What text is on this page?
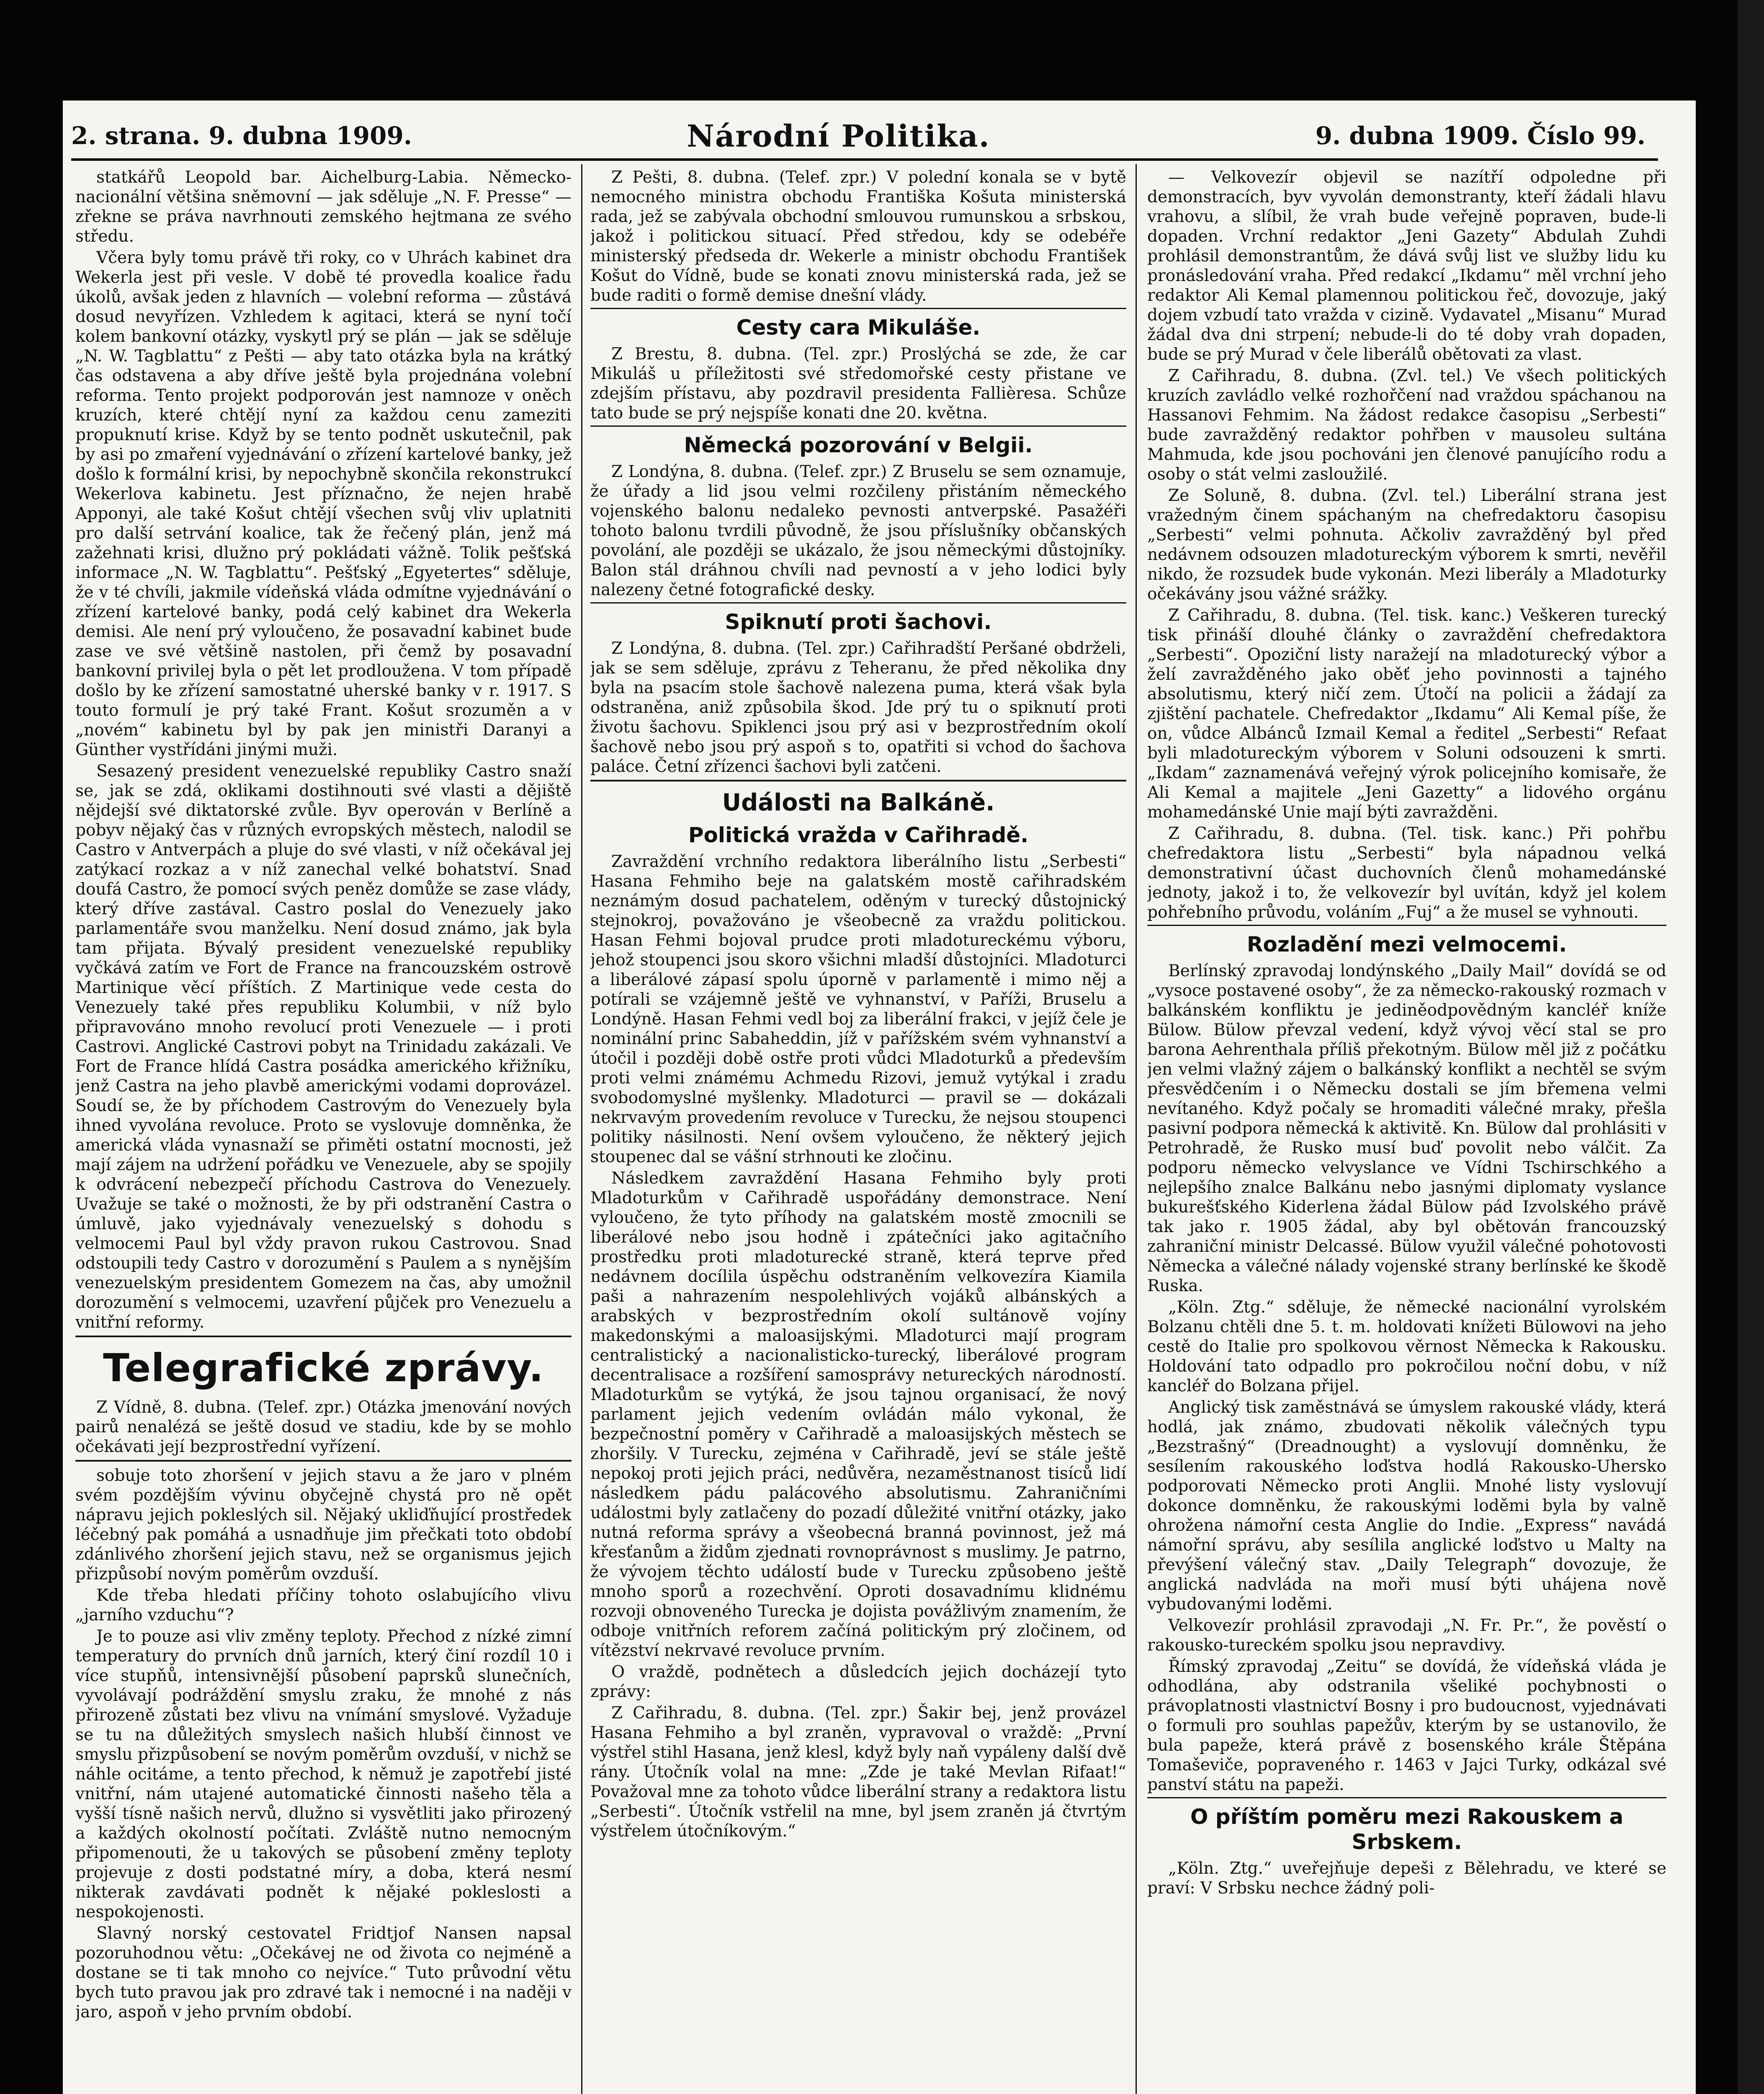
2. strana. 9. dubna 1909.	Národní Politika.	9. dubna 1909. Číslo 99.

statkářů Leopold bar. Aichelburg-Labia. Německo-nacionální většina sněmovní — jak sděluje „N. F. Presse“ — zřekne se práva navrhnouti zemského hejtmana ze svého středu.

Včera byly tomu právě tři roky, co v Uhrách kabinet dra Wekerla jest při vesle. V době té provedla koalice řadu úkolů, avšak jeden z hlavních — volební reforma — zůstává dosud nevyřízen. Vzhledem k agitaci, která se nyní točí kolem bankovní otázky, vyskytl prý se plán — jak se sděluje „N. W. Tagblattu“ z Pešti — aby tato otázka byla na krátký čas odstavena a aby dříve ještě byla projednána volební reforma. Tento projekt podporován jest namnoze v oněch kruzích, které chtějí nyní za každou cenu zameziti propuknutí krise. Když by se tento podnět uskutečnil, pak by asi po zmaření vyjednávání o zřízení kartelové banky, jež došlo k formální krisi, by nepochybně skončila rekonstrukcí Wekerlova kabinetu. Jest příznačno, že nejen hrabě Apponyi, ale také Košut chtějí všechen svůj vliv uplatniti pro další setrvání koalice, tak že řečený plán, jenž má zažehnati krisi, dlužno prý pokládati vážně. Tolik pešťská informace „N. W. Tagblattu“. Pešťský „Egyetertes“ sděluje, že v té chvíli, jakmile vídeňská vláda odmítne vyjednávání o zřízení kartelové banky, podá celý kabinet dra Wekerla demisi. Ale není prý vyloučeno, že posavadní kabinet bude zase ve své většině nastolen, při čemž by posavadní bankovní privilej byla o pět let prodloužena. V tom případě došlo by ke zřízení samostatné uherské banky v r. 1917. S touto formulí je prý také Frant. Košut srozuměn a v „novém“ kabinetu byl by pak jen ministři Daranyi a Günther vystřídáni jinými muži.

Sesazený president venezuelské republiky Castro snaží se, jak se zdá, oklikami dostihnouti své vlasti a dějiště nějdejší své diktatorské zvůle. Byv operován v Berlíně a pobyv nějaký čas v různých evropských městech, nalodil se Castro v Antverpách a pluje do své vlasti, v níž očekával jej zatýkací rozkaz a v níž zanechal velké bohatství. Snad doufá Castro, že pomocí svých peněz domůže se zase vlády, který dříve zastával. Castro poslal do Venezuely jako parlamentáře svou manželku. Není dosud známo, jak byla tam přijata. Bývalý president venezuelské republiky vyčkává zatím ve Fort de France na francouzském ostrově Martinique věcí příštích. Z Martinique vede cesta do Venezuely také přes republiku Kolumbii, v níž bylo připravováno mnoho revolucí proti Venezuele — i proti Castrovi. Anglické Castrovi pobyt na Trinidadu zakázali. Ve Fort de France hlídá Castra posádka amerického křižníku, jenž Castra na jeho plavbě americkými vodami doprovázel. Soudí se, že by příchodem Castrovým do Venezuely byla ihned vyvolána revoluce. Proto se vyslovuje domněnka, že americká vláda vynasnaží se přiměti ostatní mocnosti, jež mají zájem na udržení pořádku ve Venezuele, aby se spojily k odvrácení nebezpečí příchodu Castrova do Venezuely. Uvažuje se také o možnosti, že by při odstranění Castra o úmluvě, jako vyjednávaly venezuelský s dohodu s velmocemi Paul byl vždy pravon rukou Castrovou. Snad odstoupili tedy Castro v dorozumění s Paulem a s nynějším venezuelským presidentem Gomezem na čas, aby umožnil dorozumění s velmocemi, uzavření půjček pro Venezuelu a vnitřní reformy.

Telegrafické zprávy.

Z Vídně, 8. dubna. (Telef. zpr.) Otázka jmenování nových pairů nenalézá se ještě dosud ve stadiu, kde by se mohlo očekávati její bezprostřední vyřízení.

sobuje toto zhoršení v jejich stavu a že jaro v plném svém pozdějším vývinu obyčejně chystá pro ně opět nápravu jejich pokleslých sil. Nějaký ukliďňující prostředek léčebný pak pomáhá a usnadňuje jim přečkati toto období zdánlivého zhoršení jejich stavu, než se organismus jejich přizpůsobí novým poměrům ovzduší.

Kde třeba hledati příčiny tohoto oslabujícího vlivu „jarního vzduchu“?

Je to pouze asi vliv změny teploty. Přechod z nízké zimní temperatury do prvních dnů jarních, který činí rozdíl 10 i více stupňů, intensivnější působení paprsků slunečních, vyvolávají podráždění smyslu zraku, že mnohé z nás přirozeně zůstati bez vlivu na vnímání smyslové. Vyžaduje se tu na důležitých smyslech našich hlubší činnost ve smyslu přizpůsobení se novým poměrům ovzduší, v nichž se náhle ocitáme, a tento přechod, k němuž je zapotřebí jisté vnitřní, nám utajené automatické činnosti našeho těla a vyšší tísně našich nervů, dlužno si vysvětliti jako přirozený a každých okolností počítati. Zvláště nutno nemocným připomenouti, že u takových se působení změny teploty projevuje z dosti podstatné míry, a doba, která nesmí nikterak zavdávati podnět k nějaké pokleslosti a nespokojenosti.

Slavný norský cestovatel Fridtjof Nansen napsal pozoruhodnou větu: „Očekávej ne od života co nejméně a dostane se ti tak mnoho co nejvíce.“ Tuto průvodní větu bych tuto pravou jak pro zdravé tak i nemocné i na naději v jaro, aspoň v jeho prvním období.

Z Pešti, 8. dubna. (Telef. zpr.) V polední konala se v bytě nemocného ministra obchodu Františka Košuta ministerská rada, jež se zabývala obchodní smlouvou rumunskou a srbskou, jakož i politickou situací. Před středou, kdy se odebéře ministerský předseda dr. Wekerle a ministr obchodu František Košut do Vídně, bude se konati znovu ministerská rada, jež se bude raditi o formě demise dnešní vlády.

Cesty cara Mikuláše.

Z Brestu, 8. dubna. (Tel. zpr.) Proslýchá se zde, že car Mikuláš u příležitosti své středomořské cesty přistane ve zdejším přístavu, aby pozdravil presidenta Fallièresa. Schůze tato bude se prý nejspíše konati dne 20. května.

Německá pozorování v Belgii.

Z Londýna, 8. dubna. (Telef. zpr.) Z Bruselu se sem oznamuje, že úřady a lid jsou velmi rozčileny přistáním německého vojenského balonu nedaleko pevnosti antverpské. Pasažéři tohoto balonu tvrdili původně, že jsou příslušníky občanských povolání, ale později se ukázalo, že jsou německými důstojníky. Balon stál dráhnou chvíli nad pevností a v jeho lodici byly nalezeny četné fotografické desky.

Spiknutí proti šachovi.

Z Londýna, 8. dubna. (Tel. zpr.) Cařihradští Peršané obdrželi, jak se sem sděluje, zprávu z Teheranu, že před několika dny byla na psacím stole šachově nalezena puma, která však byla odstraněna, aniž způsobila škod. Jde prý tu o spiknutí proti životu šachovu. Spiklenci jsou prý asi v bezprostředním okolí šachově nebo jsou prý aspoň s to, opatřiti si vchod do šachova paláce. Četní zřízenci šachovi byli zatčeni.

Události na Balkáně.
Politická vražda v Cařihradě.

Zavraždění vrchního redaktora liberálního listu „Serbesti“ Hasana Fehmiho beje na galatském mostě cařihradském neznámým dosud pachatelem, oděným v turecký důstojnický stejnokroj, považováno je všeobecně za vraždu politickou. Hasan Fehmi bojoval prudce proti mladotureckému výboru, jehož stoupenci jsou skoro všichni mladší důstojníci. Mladoturci a liberálové zápasí spolu úporně v parlamentě i mimo něj a potírali se vzájemně ještě ve vyhnanství, v Paříži, Bruselu a Londýně. Hasan Fehmi vedl boj za liberální frakci, v jejíž čele je nominální princ Sabaheddin, jíž v pařížském svém vyhnanství a útočil i později době ostře proti vůdci Mladoturků a především proti velmi známému Achmedu Rizovi, jemuž vytýkal i zradu svobodomyslné myšlenky. Mladoturci — pravil se — dokázali nekrvavým provedením revoluce v Turecku, že nejsou stoupenci politiky násilnosti. Není ovšem vyloučeno, že některý jejich stoupenec dal se vášní strhnouti ke zločinu.

Následkem zavraždění Hasana Fehmiho byly proti Mladoturkům v Cařihradě uspořádány demonstrace. Není vyloučeno, že tyto příhody na galatském mostě zmocnili se liberálové nebo jsou hodně i zpátečníci jako agitačního prostředku proti mladoturecké straně, která teprve před nedávnem docílila úspěchu odstraněním velkovezíra Kiamila paši a nahrazením nespolehlivých vojáků albánských a arabských v bezprostředním okolí sultánově vojíny makedonskými a maloasijskými. Mladoturci mají program centralistický a nacionalisticko-turecký, liberálové program decentralisace a rozšíření samosprávy netureckých národností. Mladoturkům se vytýká, že jsou tajnou organisací, že nový parlament jejich vedením ovládán málo vykonal, že bezpečnostní poměry v Cařihradě a maloasijských městech se zhoršily. V Turecku, zejména v Cařihradě, jeví se stále ještě nepokoj proti jejich práci, nedůvěra, nezaměstnanost tisíců lidí následkem pádu palácového absolutismu. Zahraničními událostmi byly zatlačeny do pozadí důležité vnitřní otázky, jako nutná reforma správy a všeobecná branná povinnost, jež má křesťanům a židům zjednati rovnoprávnost s muslimy. Je patrno, že vývojem těchto událostí bude v Turecku způsobeno ještě mnoho sporů a rozechvění. Oproti dosavadnímu klidnému rozvoji obnoveného Turecka je dojista povážlivým znamením, že odboje vnitřních reforem začíná politickým prý zločinem, od vítězství nekrvavé revoluce prvním.

O vraždě, podnětech a důsledcích jejich docházejí tyto zprávy:

Z Cařihradu, 8. dubna. (Tel. zpr.) Šakir bej, jenž provázel Hasana Fehmiho a byl zraněn, vypravoval o vraždě: „První výstřel stihl Hasana, jenž klesl, když byly naň vypáleny další dvě rány. Útočník volal na mne: „Zde je také Mevlan Rifaat!“ Považoval mne za tohoto vůdce liberální strany a redaktora listu „Serbesti“. Útočník vstřelil na mne, byl jsem zraněn já čtvrtým výstřelem útočníkovým.“

— Velkovezír objevil se nazítří odpoledne při demonstracích, byv vyvolán demonstranty, kteří žádali hlavu vrahovu, a slíbil, že vrah bude veřejně popraven, bude-li dopaden. Vrchní redaktor „Jeni Gazety“ Abdulah Zuhdi prohlásil demonstrantům, že dává svůj list ve služby lidu ku pronásledování vraha. Před redakcí „Ikdamu“ měl vrchní jeho redaktor Ali Kemal plamennou politickou řeč, dovozuje, jaký dojem vzbudí tato vražda v cizině. Vydavatel „Misanu“ Murad žádal dva dni strpení; nebude-li do té doby vrah dopaden, bude se prý Murad v čele liberálů obětovati za vlast.

Z Cařihradu, 8. dubna. (Zvl. tel.) Ve všech politických kruzích zavládlo velké rozhořčení nad vraždou spáchanou na Hassanovi Fehmim. Na žádost redakce časopisu „Serbesti“ bude zavražděný redaktor pohřben v mausoleu sultána Mahmuda, kde jsou pochováni jen členové panujícího rodu a osoby o stát velmi zasloužilé.

Ze Soluně, 8. dubna. (Zvl. tel.) Liberální strana jest vražedným činem spáchaným na chefredaktoru časopisu „Serbesti“ velmi pohnuta. Ačkoliv zavražděný byl před nedávnem odsouzen mladotureckým výborem k smrti, nevěřil nikdo, že rozsudek bude vykonán. Mezi liberály a Mladoturky očekávány jsou vážné srážky.

Z Cařihradu, 8. dubna. (Tel. tisk. kanc.) Veškeren turecký tisk přináší dlouhé články o zavraždění chefredaktora „Serbesti“. Opoziční listy naražejí na mladoturecký výbor a želí zavražděného jako oběť jeho povinnosti a tajného absolutismu, který ničí zem. Útočí na policii a žádají za zjištění pachatele. Chefredaktor „Ikdamu“ Ali Kemal píše, že on, vůdce Albánců Izmail Kemal a ředitel „Serbesti“ Refaat byli mladotureckým výborem v Soluni odsouzeni k smrti. „Ikdam“ zaznamenává veřejný výrok policejního komisaře, že Ali Kemal a majitele „Jeni Gazetty“ a lidového orgánu mohamedánské Unie mají býti zavražděni.

Z Cařihradu, 8. dubna. (Tel. tisk. kanc.) Při pohřbu chefredaktora listu „Serbesti“ byla nápadnou velká demonstrativní účast duchovních členů mohamedánské jednoty, jakož i to, že velkovezír byl uvítán, když jel kolem pohřebního průvodu, voláním „Fuj“ a že musel se vyhnouti.

Rozladění mezi velmocemi.

Berlínský zpravodaj londýnského „Daily Mail“ dovídá se od „vysoce postavené osoby“, že za německo-rakouský rozmach v balkánském konfliktu je jediněodpovědným kancléř kníže Bülow. Bülow převzal vedení, když vývoj věcí stal se pro barona Aehrenthala příliš překotným. Bülow měl již z počátku jen velmi vlažný zájem o balkánský konflikt a nechtěl se svým přesvědčením i o Německu dostali se jím břemena velmi nevítaného. Když počaly se hromaditi válečné mraky, přešla pasivní podpora německá k aktivitě. Kn. Bülow dal prohlásiti v Petrohradě, že Rusko musí buď povolit nebo válčit. Za podporu německo velvyslance ve Vídni Tschirschkého a nejlepšího znalce Balkánu nebo jasnými diplomaty vyslance bukurešťského Kiderlena žádal Bülow pád Izvolského právě tak jako r. 1905 žádal, aby byl obětován francouzský zahraniční ministr Delcassé. Bülow využil válečné pohotovosti Německa a válečné nálady vojenské strany berlínské ke škodě Ruska.

„Köln. Ztg.“ sděluje, že německé nacionální vyrolském Bolzanu chtěli dne 5. t. m. holdovati knížeti Bülowovi na jeho cestě do Italie pro spolkovou věrnost Německa k Rakousku. Holdování tato odpadlo pro pokročilou noční dobu, v níž kancléř do Bolzana přijel.

Anglický tisk zaměstnává se úmyslem rakouské vlády, která hodlá, jak známo, zbudovati několik válečných typu „Bezstrašný“ (Dreadnought) a vyslovují domněnku, že sesílením rakouského loďstva hodlá Rakousko-Uhersko podporovati Německo proti Anglii. Mnohé listy vyslovují dokonce domněnku, že rakouskými loděmi byla by valně ohrožena námořní cesta Anglie do Indie. „Express“ navádá námořní správu, aby sesílila anglické loďstvo u Malty na převýšení válečný stav. „Daily Telegraph“ dovozuje, že anglická nadvláda na moři musí býti uhájena nově vybudovanými loděmi.

Velkovezír prohlásil zpravodaji „N. Fr. Pr.“, že pověstí o rakousko-tureckém spolku jsou nepravdivy.

Římský zpravodaj „Zeitu“ se dovídá, že vídeňská vláda je odhodlána, aby odstranila všeliké pochybnosti o právoplatnosti vlastnictví Bosny i pro budoucnost, vyjednávati o formuli pro souhlas papežův, kterým by se ustanovilo, že bula papeže, která právě z bosenského krále Štěpána Tomaševiče, popraveného r. 1463 v Jajci Turky, odkázal své panství státu na papeži.

O příštím poměru mezi Rakouskem a Srbskem.

„Köln. Ztg.“ uveřejňuje depeši z Bělehradu, ve které se praví: V Srbsku nechce žádný poli-
